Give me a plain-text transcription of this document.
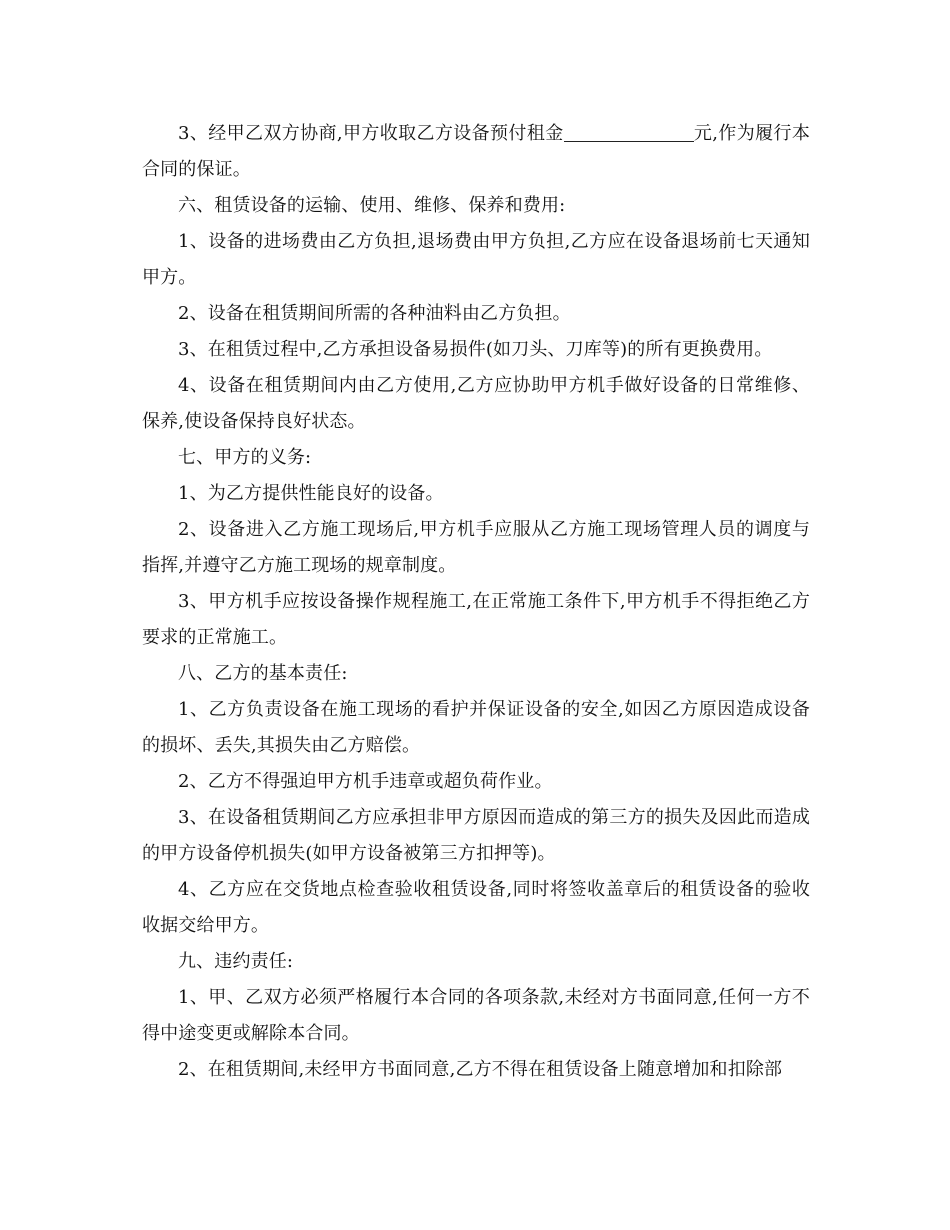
3、经甲乙双方协商,甲方收取乙方设备预付租金	元,作为履行本合同的保证。

六、租赁设备的运输、使用、维修、保养和费用:

1、设备的进场费由乙方负担,退场费由甲方负担,乙方应在设备退场前七天通知甲方。

2、设备在租赁期间所需的各种油料由乙方负担。

3、在租赁过程中,乙方承担设备易损件(如刀头、刀库等)的所有更换费用。

4、设备在租赁期间内由乙方使用,乙方应协助甲方机手做好设备的日常维修、保养,使设备保持良好状态。

七、甲方的义务:

1、为乙方提供性能良好的设备。

2、设备进入乙方施工现场后,甲方机手应服从乙方施工现场管理人员的调度与指挥,并遵守乙方施工现场的规章制度。

3、甲方机手应按设备操作规程施工,在正常施工条件下,甲方机手不得拒绝乙方要求的正常施工。

八、乙方的基本责任:

1、乙方负责设备在施工现场的看护并保证设备的安全,如因乙方原因造成设备的损坏、丢失,其损失由乙方赔偿。

2、乙方不得强迫甲方机手违章或超负荷作业。

3、在设备租赁期间乙方应承担非甲方原因而造成的第三方的损失及因此而造成的甲方设备停机损失(如甲方设备被第三方扣押等)。

4、乙方应在交货地点检查验收租赁设备,同时将签收盖章后的租赁设备的验收收据交给甲方。

九、违约责任:

1、甲、乙双方必须严格履行本合同的各项条款,未经对方书面同意,任何一方不得中途变更或解除本合同。

2、在租赁期间,未经甲方书面同意,乙方不得在租赁设备上随意增加和扣除部
